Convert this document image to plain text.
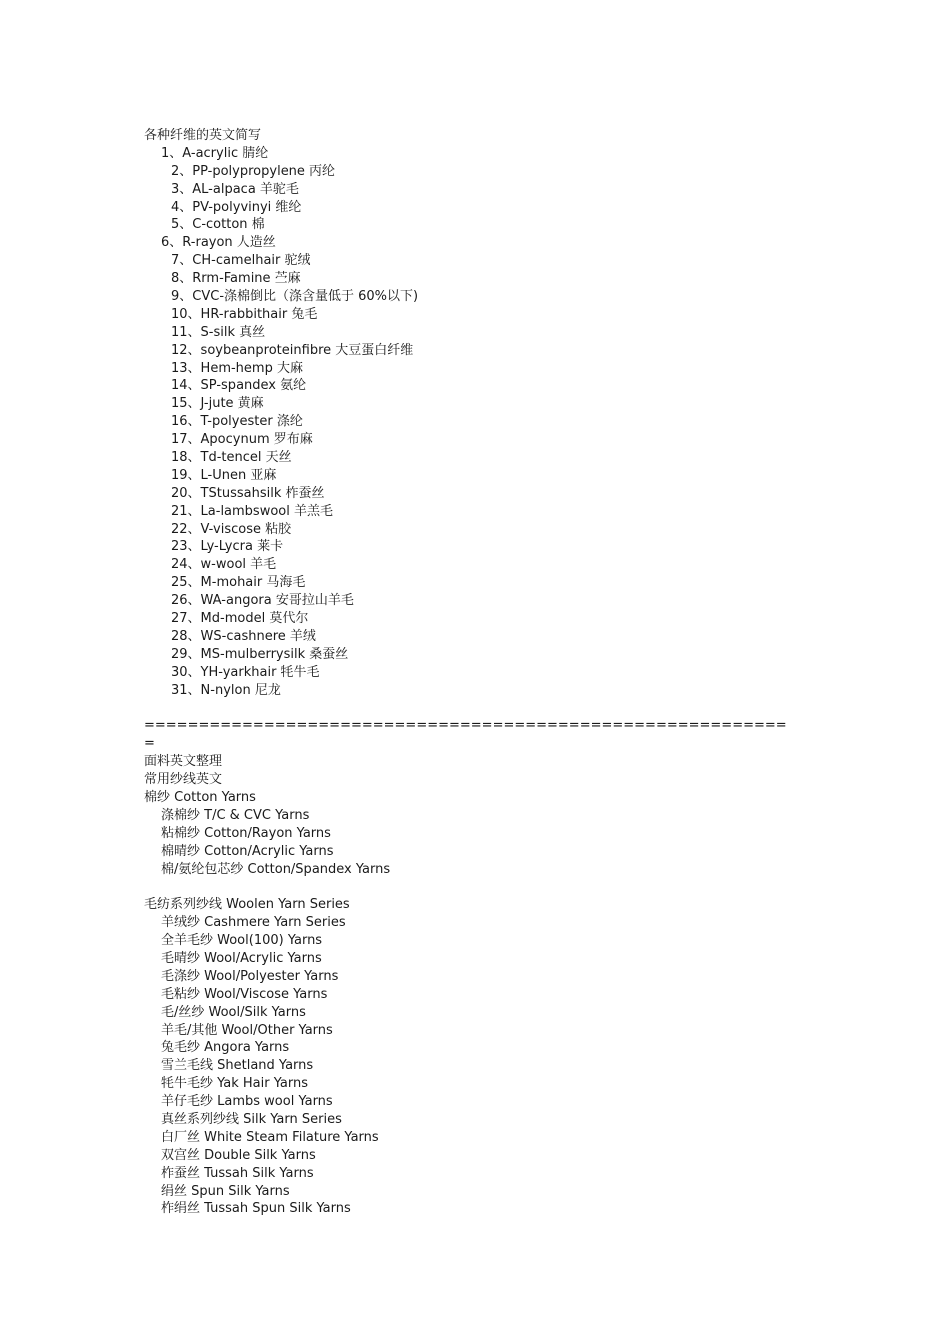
各种纤维的英文简写
1、A-acrylic 腈纶
2、PP-polypropylene 丙纶
3、AL-alpaca 羊驼毛
4、PV-polyvinyi 维纶
5、C-cotton 棉
6、R-rayon 人造丝
7、CH-camelhair 驼绒
8、Rrm-Famine 苎麻
9、CVC-涤棉倒比（涤含量低于 60%以下)
10、HR-rabbithair 兔毛
11、S-silk 真丝
12、soybeanproteinfibre 大豆蛋白纤维
13、Hem-hemp 大麻
14、SP-spandex 氨纶
15、J-jute 黄麻
16、T-polyester 涤纶
17、Apocynum 罗布麻
18、Td-tencel 天丝
19、L-Unen 亚麻
20、TStussahsilk 柞蚕丝
21、La-lambswool 羊羔毛
22、V-viscose 粘胶
23、Ly-Lycra 莱卡
24、w-wool 羊毛
25、M-mohair 马海毛
26、WA-angora 安哥拉山羊毛
27、Md-model 莫代尔
28、WS-cashnere 羊绒
29、MS-mulberrysilk 桑蚕丝
30、YH-yarkhair 牦牛毛
31、N-nylon 尼龙
===========================================================
=
面料英文整理
常用纱线英文
棉纱 Cotton Yarns
涤棉纱 T/C & CVC Yarns
粘棉纱 Cotton/Rayon Yarns
棉晴纱 Cotton/Acrylic Yarns
棉/氨纶包芯纱 Cotton/Spandex Yarns
毛纺系列纱线 Woolen Yarn Series
羊绒纱 Cashmere Yarn Series
全羊毛纱 Wool(100) Yarns
毛晴纱 Wool/Acrylic Yarns
毛涤纱 Wool/Polyester Yarns
毛粘纱 Wool/Viscose Yarns
毛/丝纱 Wool/Silk Yarns
羊毛/其他 Wool/Other Yarns
兔毛纱 Angora Yarns
雪兰毛线 Shetland Yarns
牦牛毛纱 Yak Hair Yarns
羊仔毛纱 Lambs wool Yarns
真丝系列纱线 Silk Yarn Series
白厂丝 White Steam Filature Yarns
双宫丝 Double Silk Yarns
柞蚕丝 Tussah Silk Yarns
绢丝 Spun Silk Yarns
柞绢丝 Tussah Spun Silk Yarns
